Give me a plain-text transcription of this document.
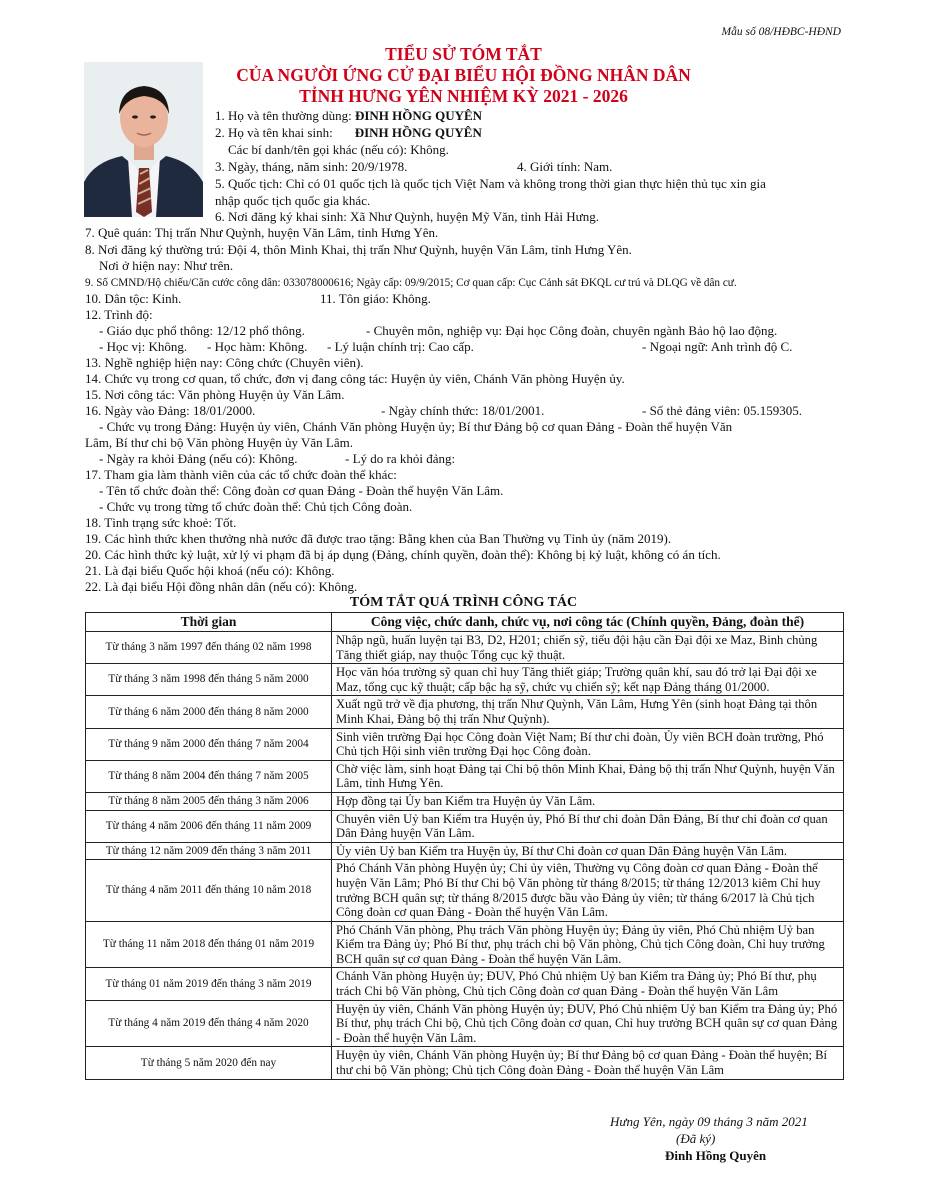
Mẫu số 08/HĐBC-HĐND
TIỂU SỬ TÓM TẮT
CỦA NGƯỜI ỨNG CỬ ĐẠI BIỂU HỘI ĐỒNG NHÂN DÂN
TỈNH HƯNG YÊN NHIỆM KỲ 2021 - 2026
1. Họ và tên thường dùng: ĐINH HỒNG QUYÊN
2. Họ và tên khai sinh: ĐINH HỒNG QUYÊN
Các bí danh/tên gọi khác (nếu có): Không.
3. Ngày, tháng, năm sinh: 20/9/1978.	4. Giới tính: Nam.
5. Quốc tịch: Chỉ có 01 quốc tịch là quốc tịch Việt Nam và không trong thời gian thực hiện thủ tục xin gia
nhập quốc tịch quốc gia khác.
6. Nơi đăng ký khai sinh: Xã Như Quỳnh, huyện Mỹ Văn, tỉnh Hải Hưng.
7. Quê quán: Thị trấn Như Quỳnh, huyện Văn Lâm, tỉnh Hưng Yên.
8. Nơi đăng ký thường trú: Đội 4, thôn Minh Khai, thị trấn Như Quỳnh, huyện Văn Lâm, tỉnh Hưng Yên.
Nơi ở hiện nay: Như trên.
9. Số CMND/Hộ chiếu/Căn cước công dân: 033078000616; Ngày cấp: 09/9/2015; Cơ quan cấp: Cục Cảnh sát ĐKQL cư trú và DLQG về dân cư.
10. Dân tộc: Kinh.	11. Tôn giáo: Không.
12. Trình độ:
- Giáo dục phổ thông: 12/12 phổ thông.	- Chuyên môn, nghiệp vụ: Đại học Công đoàn, chuyên ngành Bảo hộ lao động.
- Học vị: Không. - Học hàm: Không. - Lý luận chính trị: Cao cấp.	- Ngoại ngữ: Anh trình độ C.
13. Nghề nghiệp hiện nay: Công chức (Chuyên viên).
14. Chức vụ trong cơ quan, tổ chức, đơn vị đang công tác: Huyện ủy viên, Chánh Văn phòng Huyện ủy.
15. Nơi công tác: Văn phòng Huyện ủy Văn Lâm.
16. Ngày vào Đảng: 18/01/2000.	- Ngày chính thức: 18/01/2001.	- Số thẻ đảng viên: 05.159305.
- Chức vụ trong Đảng: Huyện ủy viên, Chánh Văn phòng Huyện ủy; Bí thư Đảng bộ cơ quan Đảng - Đoàn thể huyện Văn
Lâm, Bí thư chi bộ Văn phòng Huyện ủy Văn Lâm.
- Ngày ra khỏi Đảng (nếu có): Không.	- Lý do ra khỏi đảng:
17. Tham gia làm thành viên của các tổ chức đoàn thể khác:
- Tên tổ chức đoàn thể: Công đoàn cơ quan Đảng - Đoàn thể huyện Văn Lâm.
- Chức vụ trong từng tổ chức đoàn thể: Chủ tịch Công đoàn.
18. Tình trạng sức khoẻ: Tốt.
19. Các hình thức khen thưởng nhà nước đã được trao tặng: Bằng khen của Ban Thường vụ Tỉnh ủy (năm 2019).
20. Các hình thức kỷ luật, xử lý vi phạm đã bị áp dụng (Đảng, chính quyền, đoàn thể): Không bị kỷ luật, không có án tích.
21. Là đại biểu Quốc hội khoá (nếu có): Không.
22. Là đại biểu Hội đồng nhân dân (nếu có): Không.
TÓM TẮT QUÁ TRÌNH CÔNG TÁC
Thời gian	Công việc, chức danh, chức vụ, nơi công tác (Chính quyền, Đảng, đoàn thể)
Từ tháng 3 năm 1997 đến tháng 02 năm 1998	Nhập ngũ, huấn luyện tại B3, D2, H201; chiến sỹ, tiểu đội hậu cần Đại đội xe Maz, Binh chủng Tăng thiết giáp, nay thuộc Tổng cục kỹ thuật.
Từ tháng 3 năm 1998 đến tháng 5 năm 2000	Học văn hóa trường sỹ quan chỉ huy Tăng thiết giáp; Trường quân khí, sau đó trở lại Đại đội xe Maz, tổng cục kỹ thuật; cấp bậc hạ sỹ, chức vụ chiến sỹ; kết nạp Đảng tháng 01/2000.
Từ tháng 6 năm 2000 đến tháng 8 năm 2000	Xuất ngũ trở về địa phương, thị trấn Như Quỳnh, Văn Lâm, Hưng Yên (sinh hoạt Đảng tại thôn Minh Khai, Đảng bộ thị trấn Như Quỳnh).
Từ tháng 9 năm 2000 đến tháng 7 năm 2004	Sinh viên trường Đại học Công đoàn Việt Nam; Bí thư chi đoàn, Ủy viên BCH đoàn trường, Phó Chủ tịch Hội sinh viên trường Đại học Công đoàn.
Từ tháng 8 năm 2004 đến tháng 7 năm 2005	Chờ việc làm, sinh hoạt Đảng tại Chi bộ thôn Minh Khai, Đảng bộ thị trấn Như Quỳnh, huyện Văn Lâm, tỉnh Hưng Yên.
Từ tháng 8 năm 2005 đến tháng 3 năm 2006	Hợp đồng tại Ủy ban Kiểm tra Huyện ủy Văn Lâm.
Từ tháng 4 năm 2006 đến tháng 11 năm 2009	Chuyên viên Uỷ ban Kiểm tra Huyện ủy, Phó Bí thư chi đoàn Dân Đảng, Bí thư chi đoàn cơ quan Dân Đảng huyện Văn Lâm.
Từ tháng 12 năm 2009 đến tháng 3 năm 2011	Ủy viên Uỷ ban Kiểm tra Huyện ủy, Bí thư Chi đoàn cơ quan Dân Đảng huyện Văn Lâm.
Từ tháng 4 năm 2011 đến tháng 10 năm 2018	Phó Chánh Văn phòng Huyện ủy; Chi ủy viên, Thường vụ Công đoàn cơ quan Đảng - Đoàn thể huyện Văn Lâm; Phó Bí thư Chi bộ Văn phòng từ tháng 8/2015; từ tháng 12/2013 kiêm Chỉ huy trưởng BCH quân sự; từ tháng 8/2015 được bầu vào Đảng ủy viên; từ tháng 6/2017 là Chủ tịch Công đoàn cơ quan Đảng - Đoàn thể huyện Văn Lâm.
Từ tháng 11 năm 2018 đến tháng 01 năm 2019	Phó Chánh Văn phòng, Phụ trách Văn phòng Huyện ủy; Đảng ủy viên, Phó Chủ nhiệm Uỷ ban Kiểm tra Đảng ủy; Phó Bí thư, phụ trách chi bộ Văn phòng, Chủ tịch Công đoàn, Chỉ huy trưởng BCH quân sự cơ quan Đảng - Đoàn thể huyện Văn Lâm.
Từ tháng 01 năm 2019 đến tháng 3 năm 2019	Chánh Văn phòng Huyện ủy; ĐUV, Phó Chủ nhiệm Uỷ ban Kiểm tra Đảng ủy; Phó Bí thư, phụ trách Chi bộ Văn phòng, Chủ tịch Công đoàn cơ quan Đảng - Đoàn thể huyện Văn Lâm
Từ tháng 4 năm 2019 đến tháng 4 năm 2020	Huyện ủy viên, Chánh Văn phòng Huyện ủy; ĐUV, Phó Chủ nhiệm Uỷ ban Kiểm tra Đảng ủy; Phó Bí thư, phụ trách Chi bộ, Chủ tịch Công đoàn cơ quan, Chỉ huy trưởng BCH quân sự cơ quan Đảng - Đoàn thể huyện Văn Lâm.
Từ tháng 5 năm 2020 đến nay	Huyện ủy viên, Chánh Văn phòng Huyện ủy; Bí thư Đảng bộ cơ quan Đảng - Đoàn thể huyện; Bí thư chi bộ Văn phòng; Chủ tịch Công đoàn Đảng - Đoàn thể huyện Văn Lâm
Hưng Yên, ngày 09 tháng 3 năm 2021
(Đã ký)
Đinh Hồng Quyên
